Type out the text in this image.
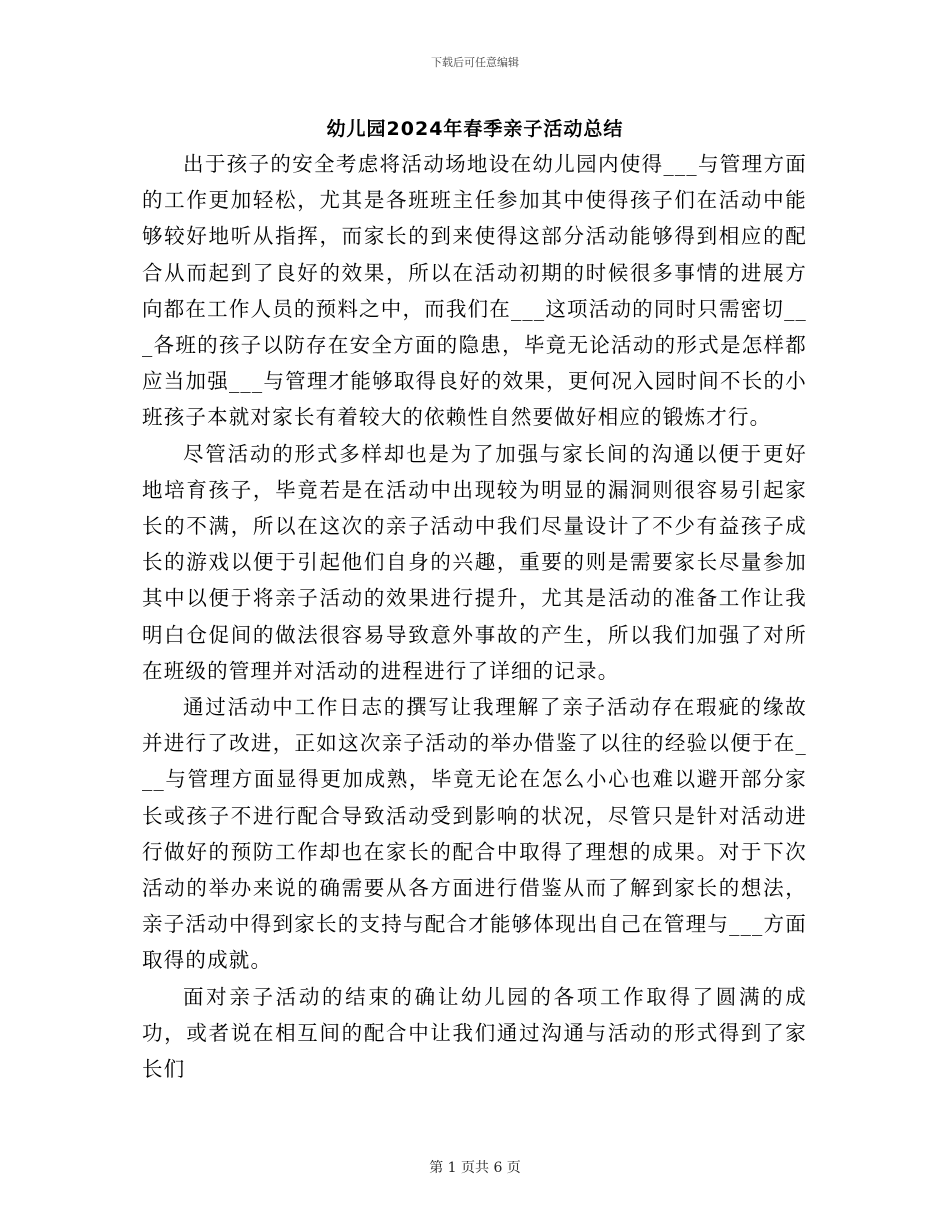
下载后可任意编辑
幼儿园2024年春季亲子活动总结

出于孩子的安全考虑将活动场地设在幼儿园内使得___与管理方面的工作更加轻松，尤其是各班班主任参加其中使得孩子们在活动中能够较好地听从指挥，而家长的到来使得这部分活动能够得到相应的配合从而起到了良好的效果，所以在活动初期的时候很多事情的进展方向都在工作人员的预料之中，而我们在___这项活动的同时只需密切___各班的孩子以防存在安全方面的隐患，毕竟无论活动的形式是怎样都应当加强___与管理才能够取得良好的效果，更何况入园时间不长的小班孩子本就对家长有着较大的依赖性自然要做好相应的锻炼才行。

尽管活动的形式多样却也是为了加强与家长间的沟通以便于更好地培育孩子，毕竟若是在活动中出现较为明显的漏洞则很容易引起家长的不满，所以在这次的亲子活动中我们尽量设计了不少有益孩子成长的游戏以便于引起他们自身的兴趣，重要的则是需要家长尽量参加其中以便于将亲子活动的效果进行提升，尤其是活动的准备工作让我明白仓促间的做法很容易导致意外事故的产生，所以我们加强了对所在班级的管理并对活动的进程进行了详细的记录。

通过活动中工作日志的撰写让我理解了亲子活动存在瑕疵的缘故并进行了改进，正如这次亲子活动的举办借鉴了以往的经验以便于在___与管理方面显得更加成熟，毕竟无论在怎么小心也难以避开部分家长或孩子不进行配合导致活动受到影响的状况，尽管只是针对活动进行做好的预防工作却也在家长的配合中取得了理想的成果。对于下次活动的举办来说的确需要从各方面进行借鉴从而了解到家长的想法，亲子活动中得到家长的支持与配合才能够体现出自己在管理与___方面取得的成就。

面对亲子活动的结束的确让幼儿园的各项工作取得了圆满的成功，或者说在相互间的配合中让我们通过沟通与活动的形式得到了家长们

第 1 页共 6 页
